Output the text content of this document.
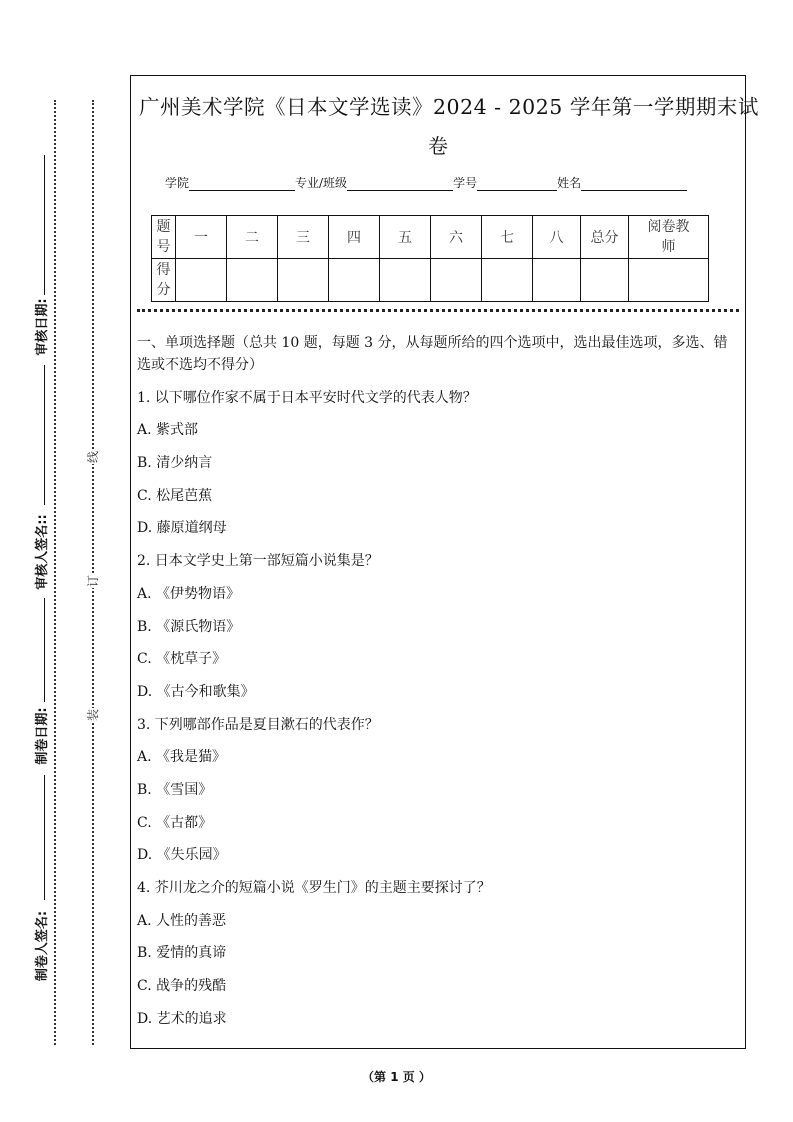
审核日期:
审核人签名::
制卷日期:
制卷人签名:
装
订
线
广州美术学院《日本文学选读》2024 - 2025 学年第一学期期末试
卷
学院	专业/班级	学号	姓名
题号	一	二	三	四	五	六	七	八	总分	阅卷教师
得分										

一、单项选择题（总共 10 题，每题 3 分，从每题所给的四个选项中，选出最佳选项，多选、错选或不选均不得分）

1. 以下哪位作家不属于日本平安时代文学的代表人物？

A. 紫式部

B. 清少纳言

C. 松尾芭蕉

D. 藤原道纲母

2. 日本文学史上第一部短篇小说集是？

A. 《伊势物语》

B. 《源氏物语》

C. 《枕草子》

D. 《古今和歌集》

3. 下列哪部作品是夏目漱石的代表作？

A. 《我是猫》

B. 《雪国》

C. 《古都》

D. 《失乐园》

4. 芥川龙之介的短篇小说《罗生门》的主题主要探讨了？

A. 人性的善恶

B. 爱情的真谛

C. 战争的残酷

D. 艺术的追求

（第 1 页 ）
